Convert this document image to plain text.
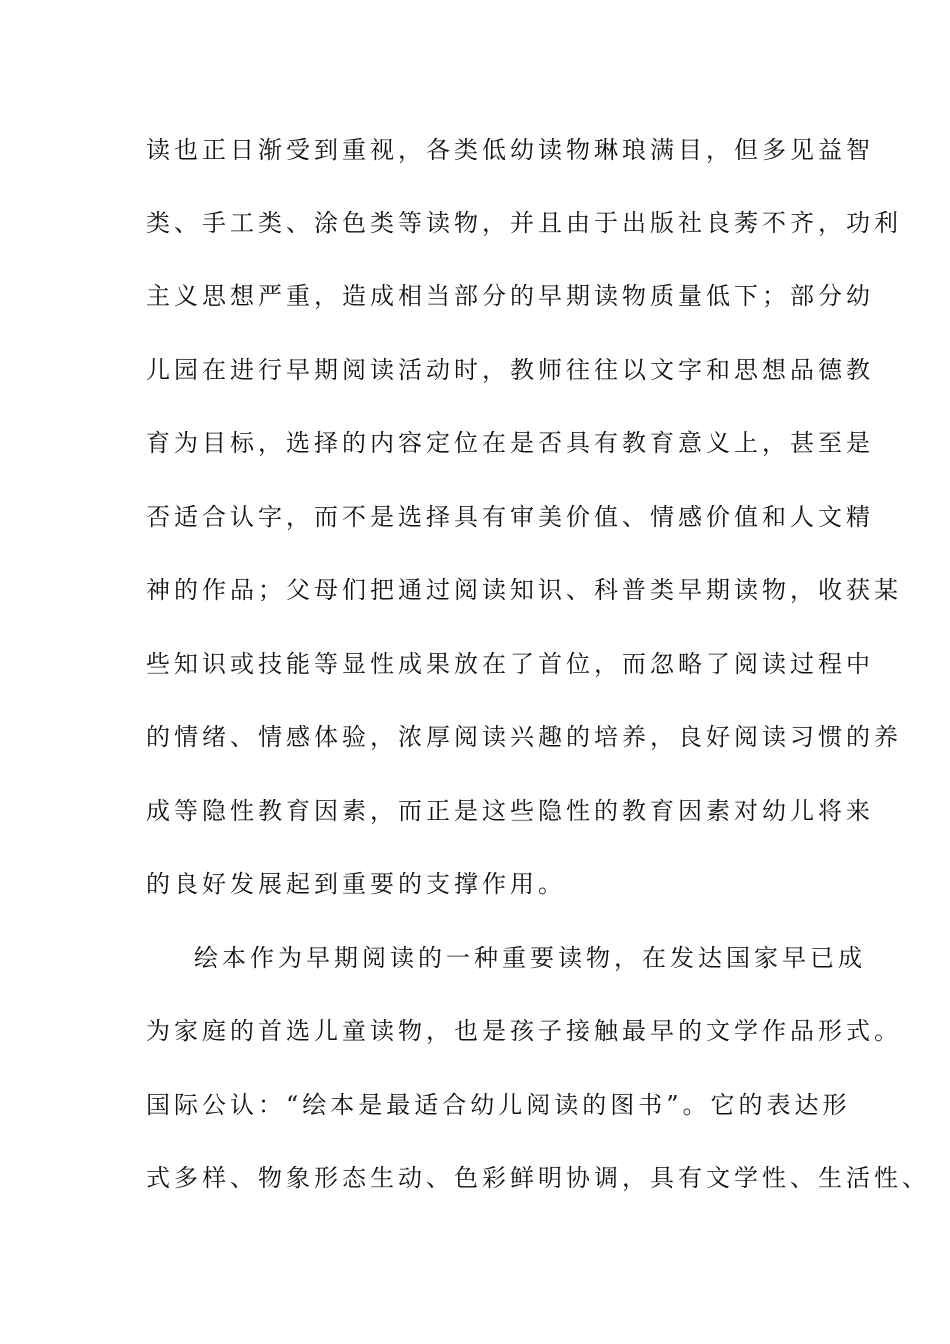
读也正日渐受到重视，各类低幼读物琳琅满目，但多见益智
类、手工类、涂色类等读物，并且由于出版社良莠不齐，功利
主义思想严重，造成相当部分的早期读物质量低下；部分幼
儿园在进行早期阅读活动时，教师往往以文字和思想品德教
育为目标，选择的内容定位在是否具有教育意义上，甚至是
否适合认字，而不是选择具有审美价值、情感价值和人文精
神的作品；父母们把通过阅读知识、科普类早期读物，收获某
些知识或技能等显性成果放在了首位，而忽略了阅读过程中
的情绪、情感体验，浓厚阅读兴趣的培养，良好阅读习惯的养
成等隐性教育因素，而正是这些隐性的教育因素对幼儿将来
的良好发展起到重要的支撑作用。
绘本作为早期阅读的一种重要读物，在发达国家早已成
为家庭的首选儿童读物，也是孩子接触最早的文学作品形式。
国际公认：“绘本是最适合幼儿阅读的图书”。它的表达形
式多样、物象形态生动、色彩鲜明协调，具有文学性、生活性、
